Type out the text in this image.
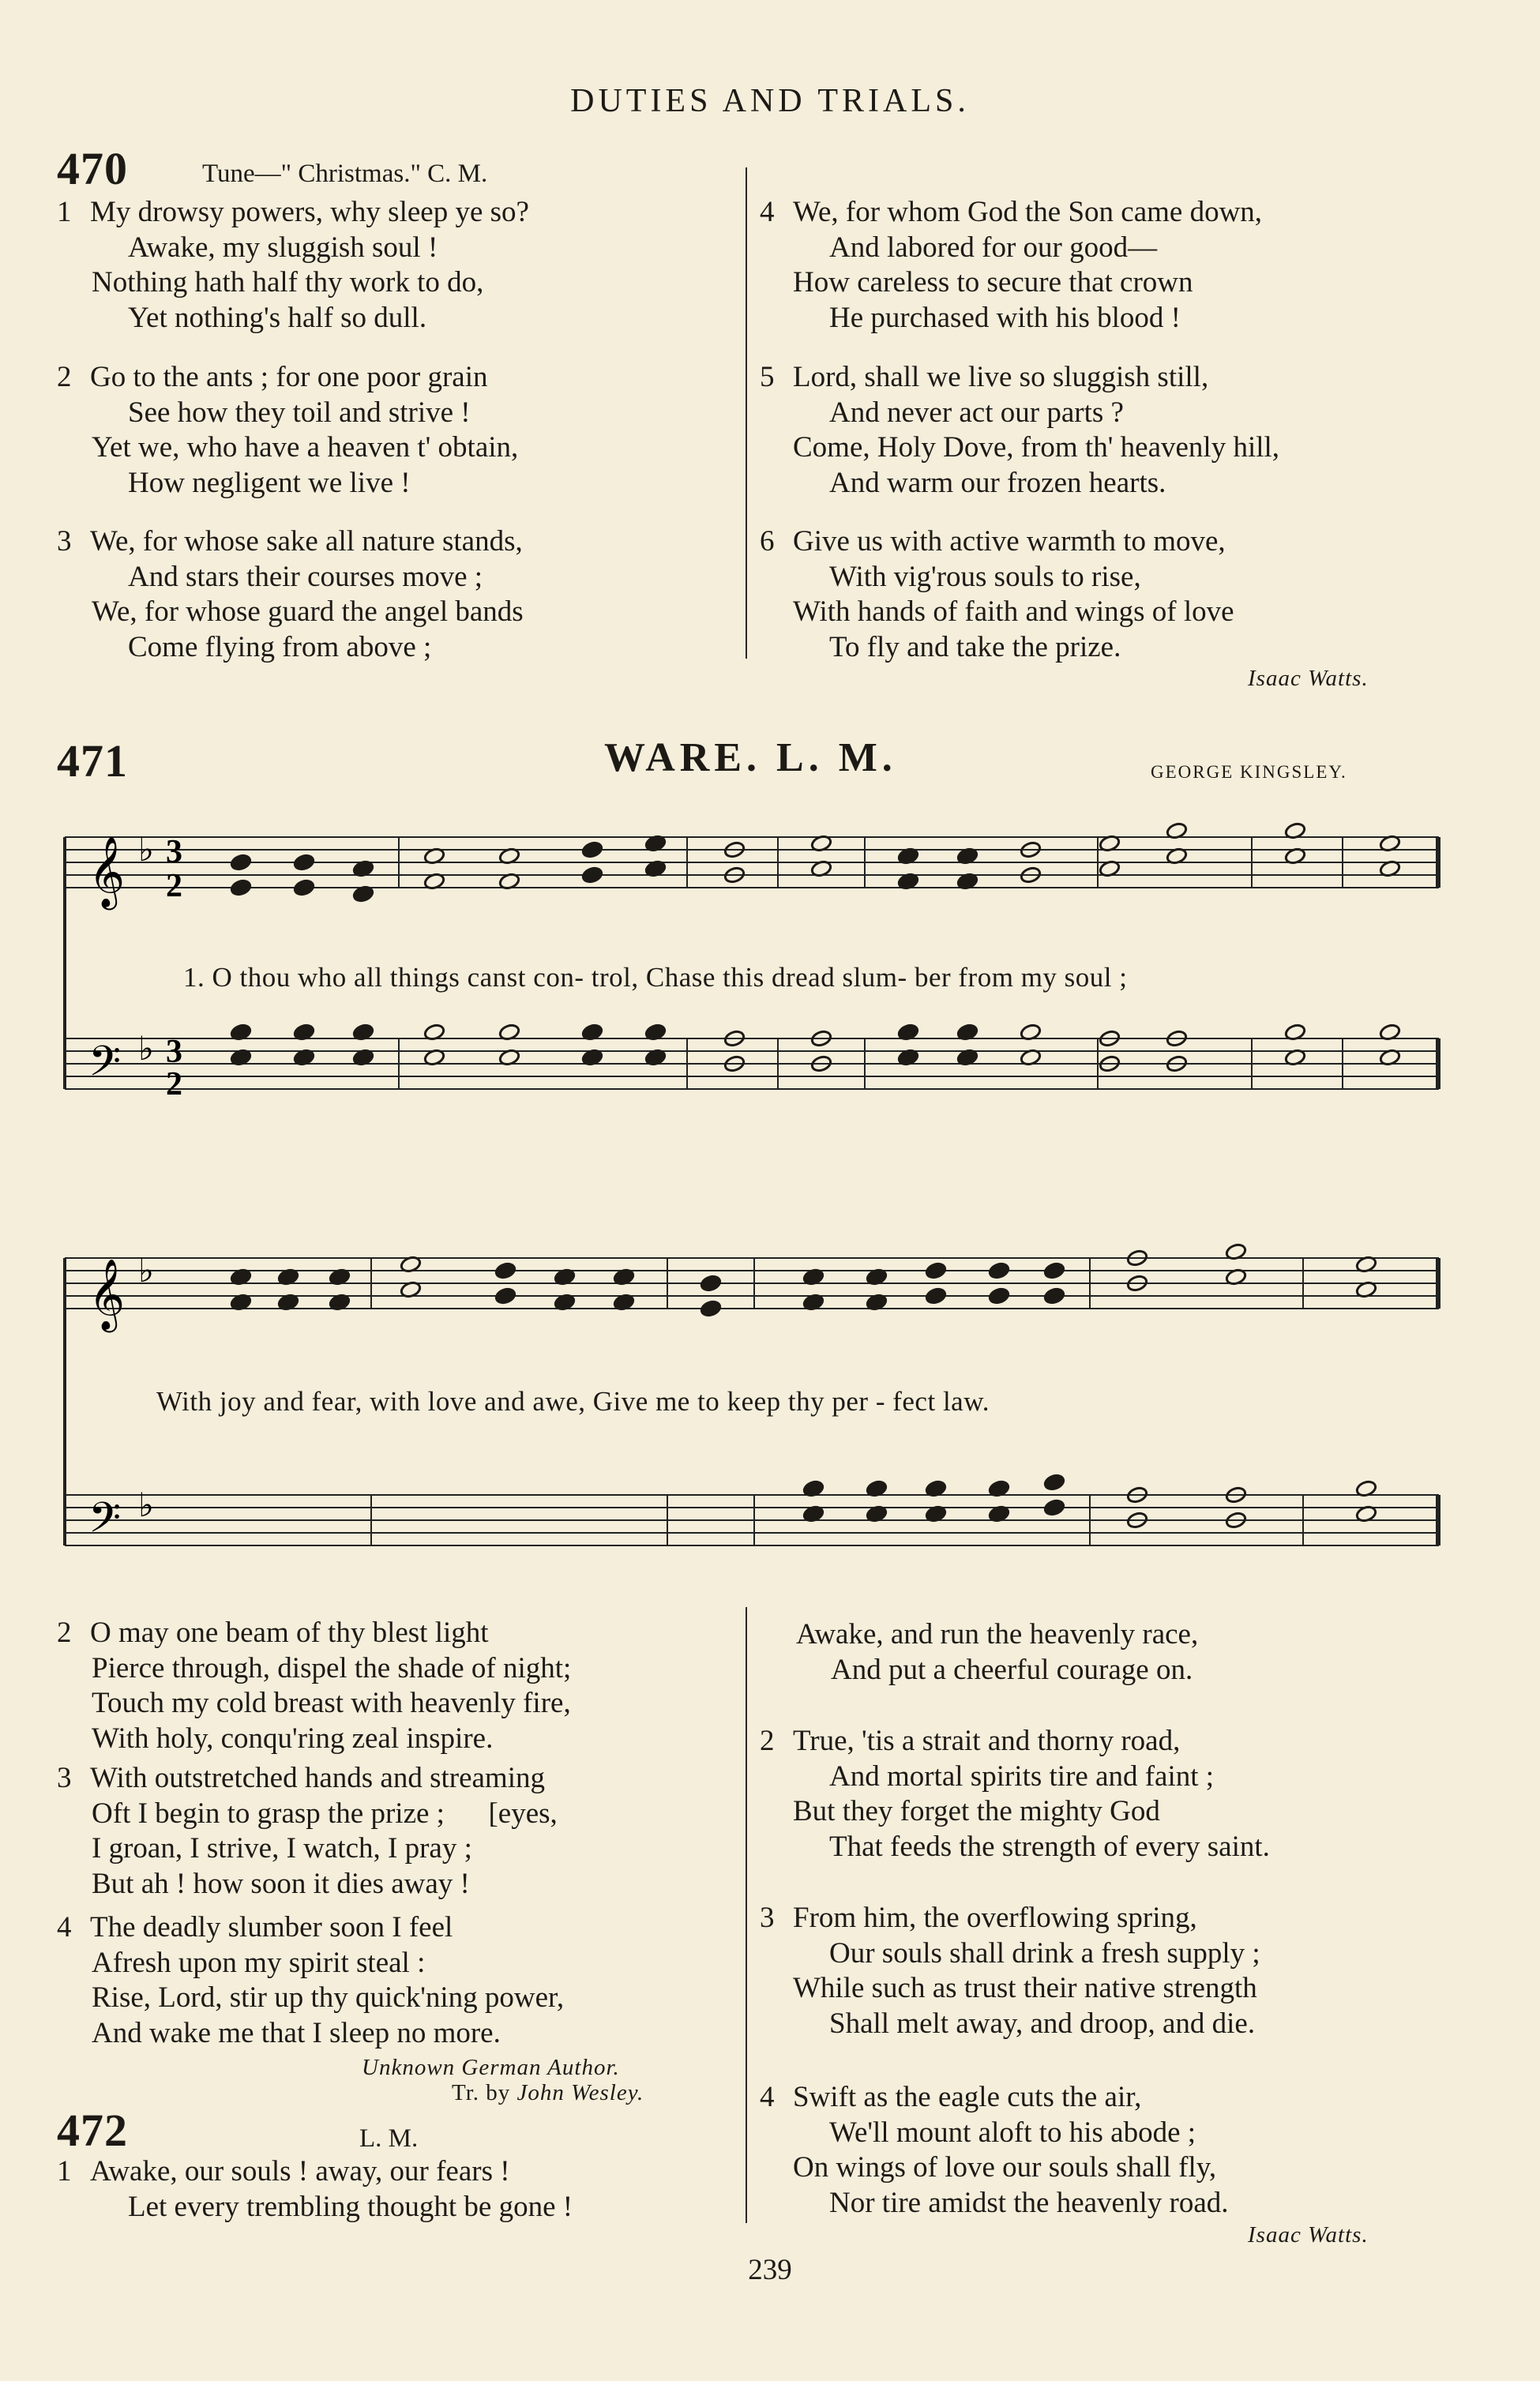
DUTIES AND TRIALS.
470	Tune—" Christmas." C. M.
1 My drowsy powers, why sleep ye so?
Awake, my sluggish soul !
Nothing hath half thy work to do,
Yet nothing's half so dull.
2 Go to the ants ; for one poor grain
See how they toil and strive !
Yet we, who have a heaven t' obtain,
How negligent we live !
3 We, for whose sake all nature stands,
And stars their courses move ;
We, for whose guard the angel bands
Come flying from above ;
4 We, for whom God the Son came down,
And labored for our good—
How careless to secure that crown
He purchased with his blood !
5 Lord, shall we live so sluggish still,
And never act our parts ?
Come, Holy Dove, from th' heavenly hill,
And warm our frozen hearts.
6 Give us with active warmth to move,
With vig'rous souls to rise,
With hands of faith and wings of love
To fly and take the prize.
Isaac Watts.
471	WARE. L. M.	GEORGE KINGSLEY.
𝄞
𝄢
♭
♭
3
2
3
2
1. O thou who all things canst con- trol, Chase this dread slum- ber from my soul ;
𝄞
𝄢
♭
♭
With joy and fear, with love and awe, Give me to keep thy per - fect law.
2 O may one beam of thy blest light
Pierce through, dispel the shade of night;
Touch my cold breast with heavenly fire,
With holy, conqu'ring zeal inspire.
3 With outstretched hands and streaming
Oft I begin to grasp the prize ;      [eyes,
I groan, I strive, I watch, I pray ;
But ah ! how soon it dies away !
4 The deadly slumber soon I feel
Afresh upon my spirit steal :
Rise, Lord, stir up thy quick'ning power,
And wake me that I sleep no more.
Unknown German Author.
Tr. by John Wesley.
472	L. M.
1 Awake, our souls ! away, our fears !
Let every trembling thought be gone !
Awake, and run the heavenly race,
And put a cheerful courage on.
2 True, 'tis a strait and thorny road,
And mortal spirits tire and faint ;
But they forget the mighty God
That feeds the strength of every saint.
3 From him, the overflowing spring,
Our souls shall drink a fresh supply ;
While such as trust their native strength
Shall melt away, and droop, and die.
4 Swift as the eagle cuts the air,
We'll mount aloft to his abode ;
On wings of love our souls shall fly,
Nor tire amidst the heavenly road.
Isaac Watts.
239
